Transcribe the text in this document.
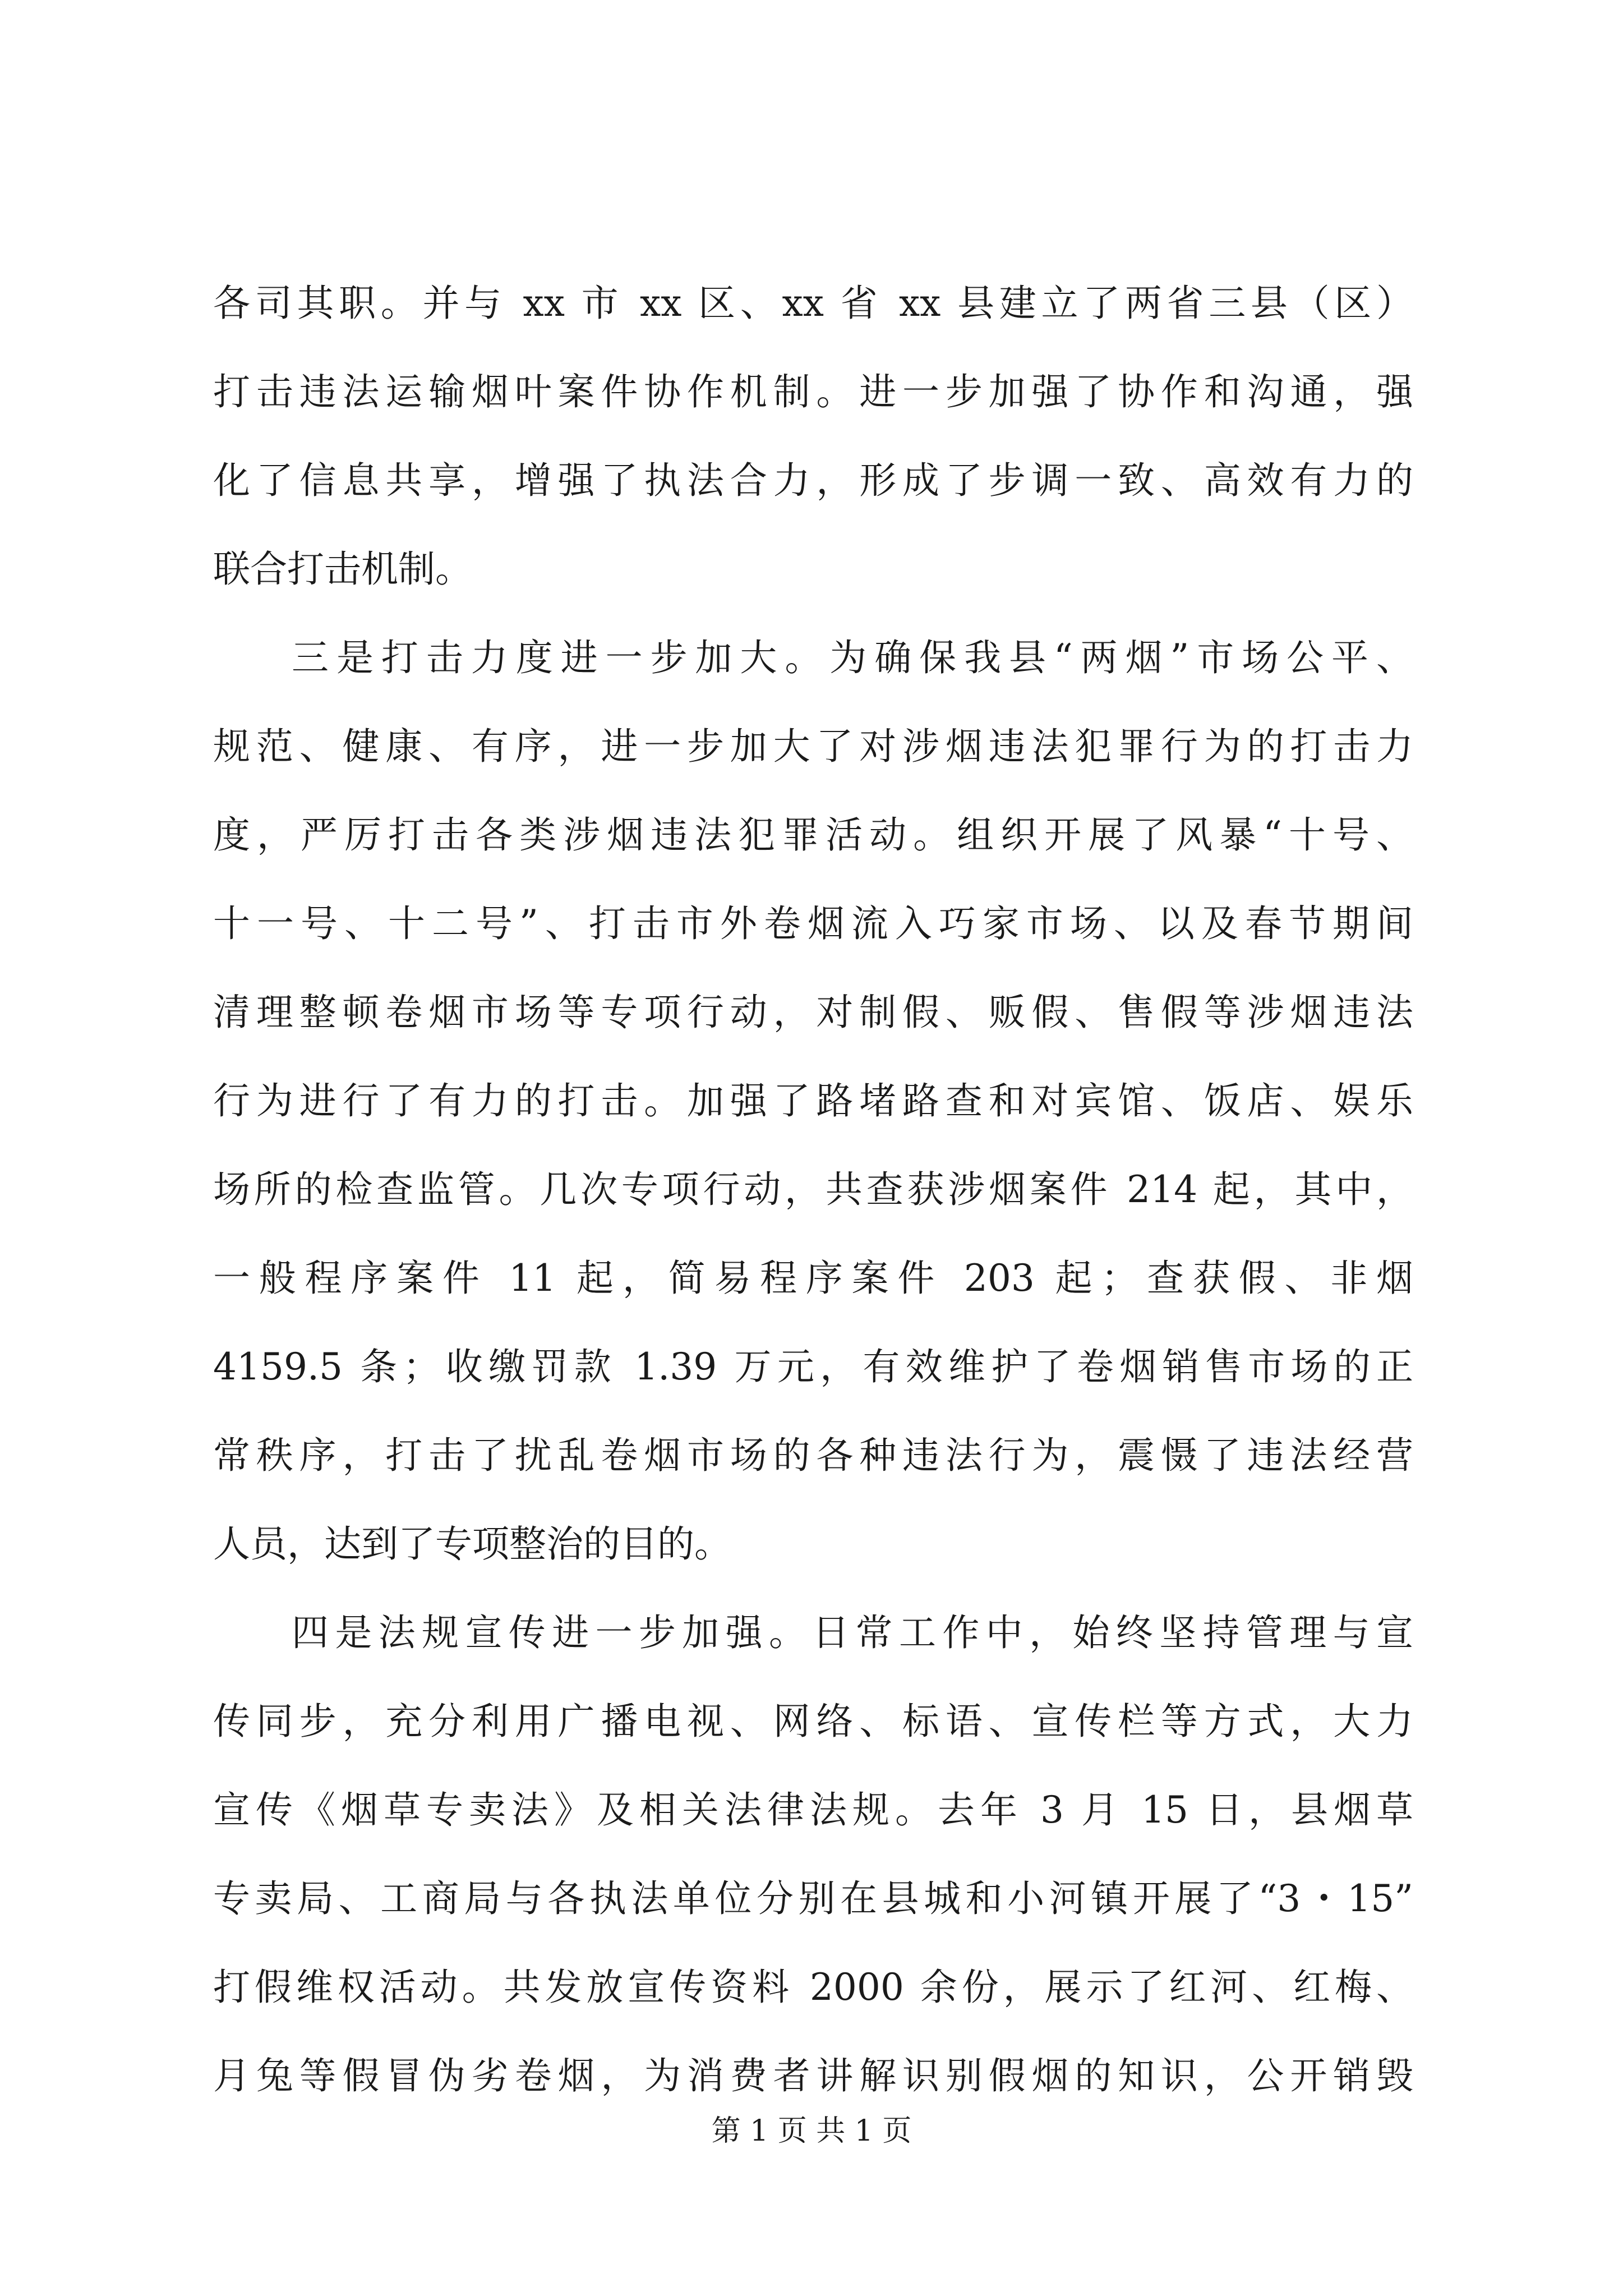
各司其职。并与 xx 市 xx 区、xx 省 xx 县建立了两省三县（区）
打击违法运输烟叶案件协作机制。进一步加强了协作和沟通，强
化了信息共享，增强了执法合力，形成了步调一致、高效有力的
联合打击机制。
三是打击力度进一步加大。为确保我县“两烟”市场公平、
规范、健康、有序，进一步加大了对涉烟违法犯罪行为的打击力
度，严厉打击各类涉烟违法犯罪活动。组织开展了风暴“十号、
十一号、十二号”、打击市外卷烟流入巧家市场、以及春节期间
清理整顿卷烟市场等专项行动，对制假、贩假、售假等涉烟违法
行为进行了有力的打击。加强了路堵路查和对宾馆、饭店、娱乐
场所的检查监管。几次专项行动，共查获涉烟案件 214 起，其中，
一般程序案件 11 起，简易程序案件 203 起；查获假、非烟
4159.5 条；收缴罚款 1.39 万元，有效维护了卷烟销售市场的正
常秩序，打击了扰乱卷烟市场的各种违法行为，震慑了违法经营
人员，达到了专项整治的目的。
四是法规宣传进一步加强。日常工作中，始终坚持管理与宣
传同步，充分利用广播电视、网络、标语、宣传栏等方式，大力
宣传《烟草专卖法》及相关法律法规。去年 3 月 15 日，县烟草
专卖局、工商局与各执法单位分别在县城和小河镇开展了“3・15”
打假维权活动。共发放宣传资料 2000 余份，展示了红河、红梅、
月兔等假冒伪劣卷烟，为消费者讲解识别假烟的知识，公开销毁
第 1 页 共 1 页
